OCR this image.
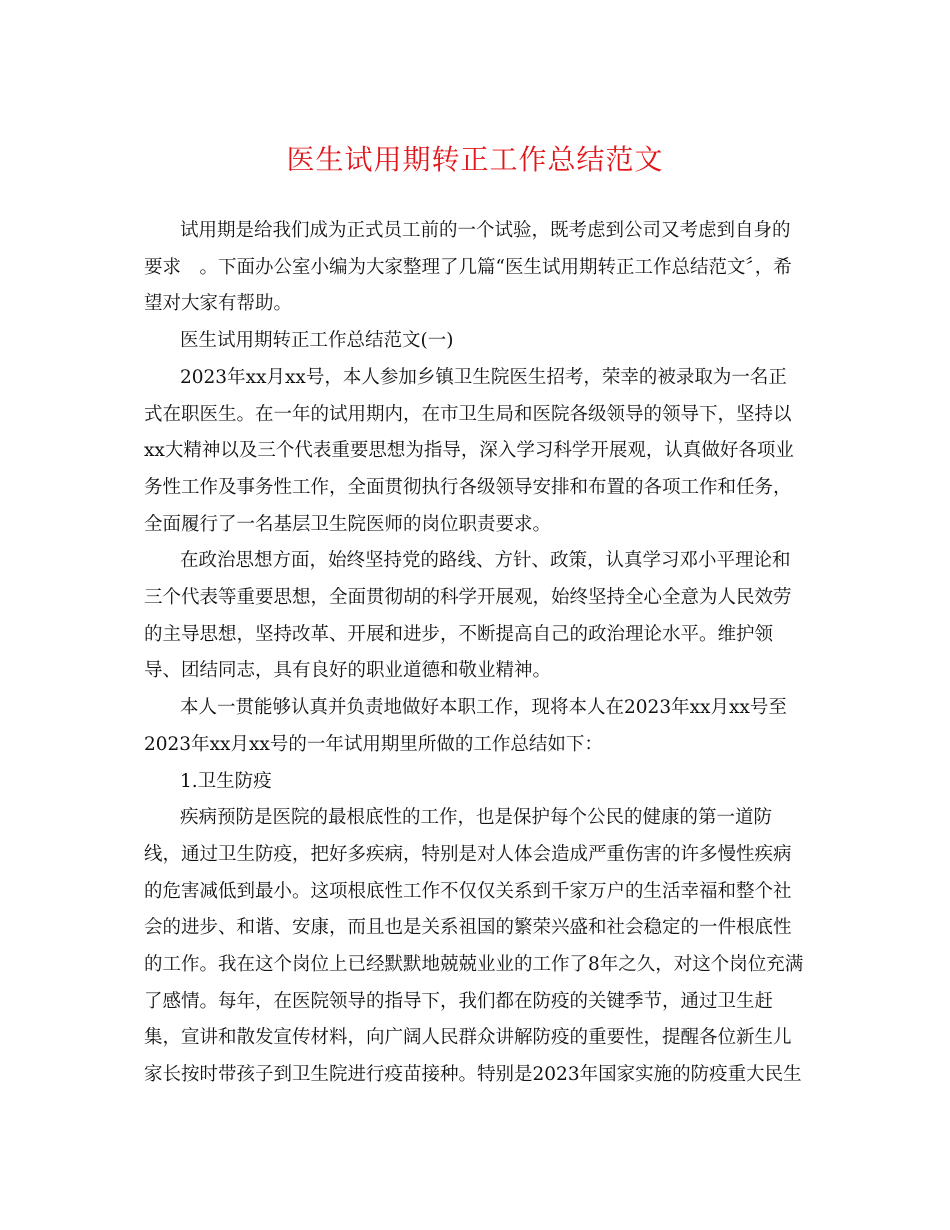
医生试用期转正工作总结范文

试用期是给我们成为正式员工前的一个试验，既考虑到公司又考虑到自身的
要求　。下面办公室小编为大家整理了几篇“医生试用期转正工作总结范文〞，希
望对大家有帮助。

医生试用期转正工作总结范文(一)

2023年xx月xx号，本人参加乡镇卫生院医生招考，荣幸的被录取为一名正
式在职医生。在一年的试用期内，在市卫生局和医院各级领导的领导下，坚持以
xx大精神以及三个代表重要思想为指导，深入学习科学开展观，认真做好各项业
务性工作及事务性工作，全面贯彻执行各级领导安排和布置的各项工作和任务，
全面履行了一名基层卫生院医师的岗位职责要求。

在政治思想方面，始终坚持党的路线、方针、政策，认真学习邓小平理论和
三个代表等重要思想，全面贯彻胡的科学开展观，始终坚持全心全意为人民效劳
的主导思想，坚持改革、开展和进步，不断提高自己的政治理论水平。维护领
导、团结同志，具有良好的职业道德和敬业精神。

本人一贯能够认真并负责地做好本职工作，现将本人在2023年xx月xx号至
2023年xx月xx号的一年试用期里所做的工作总结如下：

1.卫生防疫

疾病预防是医院的最根底性的工作，也是保护每个公民的健康的第一道防
线，通过卫生防疫，把好多疾病，特别是对人体会造成严重伤害的许多慢性疾病
的危害减低到最小。这项根底性工作不仅仅关系到千家万户的生活幸福和整个社
会的进步、和谐、安康，而且也是关系祖国的繁荣兴盛和社会稳定的一件根底性
的工作。我在这个岗位上已经默默地兢兢业业的工作了8年之久，对这个岗位充满
了感情。每年，在医院领导的指导下，我们都在防疫的关键季节，通过卫生赶
集，宣讲和散发宣传材料，向广阔人民群众讲解防疫的重要性，提醒各位新生儿
家长按时带孩子到卫生院进行疫苗接种。特别是2023年国家实施的防疫重大民生
